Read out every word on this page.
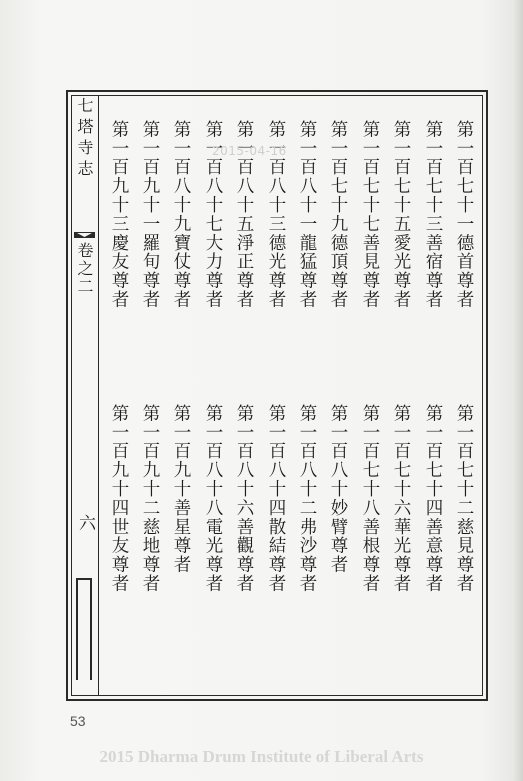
七塔寺志
卷之二
六
第一百七十一德首尊者
第一百七十三善宿尊者
第一百七十五愛光尊者
第一百七十七善見尊者
第一百七十九德頂尊者
第一百八十一龍猛尊者
第一百八十三德光尊者
第一百八十五淨正尊者
第一百八十七大力尊者
第一百八十九寶仗尊者
第一百九十一羅旬尊者
第一百九十三慶友尊者
第一百七十二慈見尊者
第一百七十四善意尊者
第一百七十六華光尊者
第一百七十八善根尊者
第一百八十妙臂尊者
第一百八十二弗沙尊者
第一百八十四散結尊者
第一百八十六善觀尊者
第一百八十八電光尊者
第一百九十善星尊者
第一百九十二慈地尊者
第一百九十四世友尊者
2015-04-16
53
2015 Dharma Drum Institute of Liberal Arts
